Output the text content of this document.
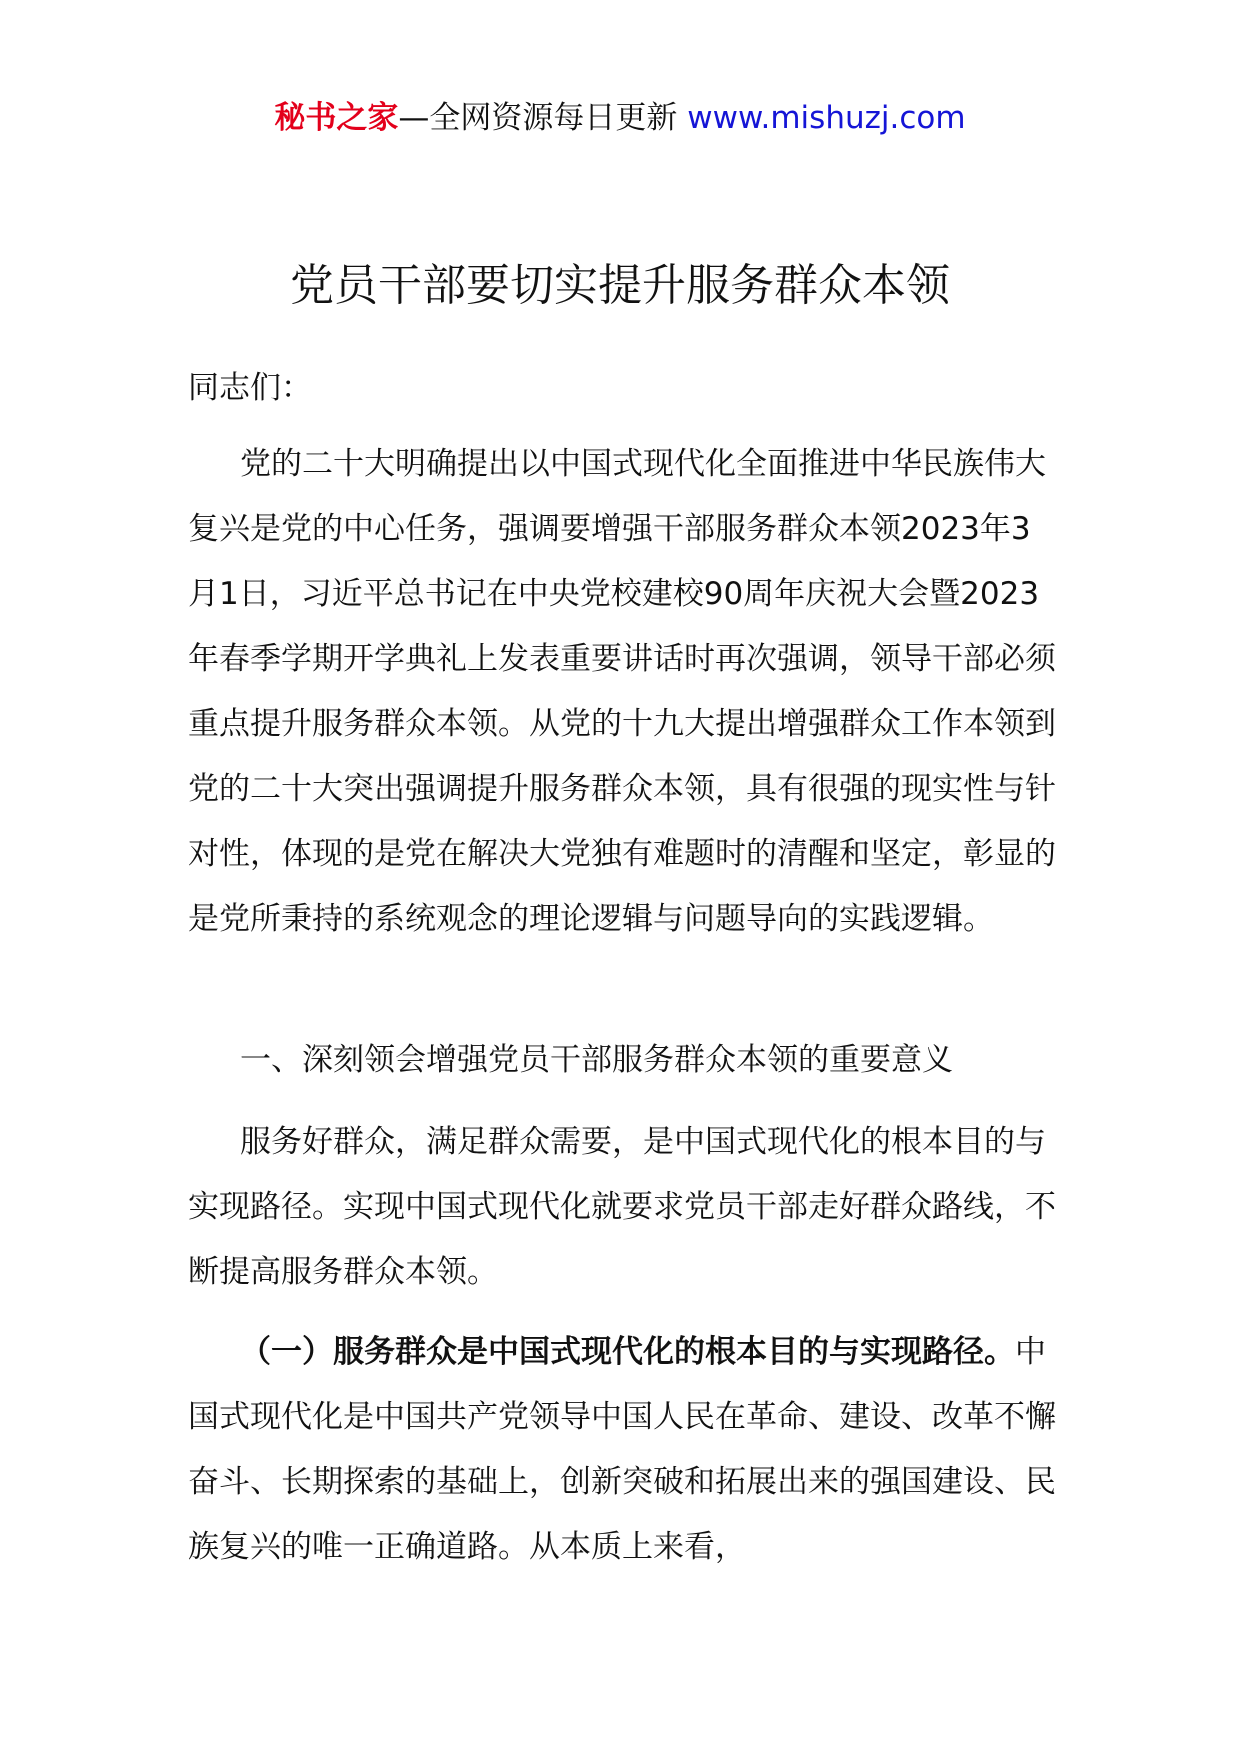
秘书之家—全网资源每日更新 www.mishuzj.com
党员干部要切实提升服务群众本领

同志们：

党的二十大明确提出以中国式现代化全面推进中华民族伟大复兴是党的中心任务，强调要增强干部服务群众本领2023年3月1日，习近平总书记在中央党校建校90周年庆祝大会暨2023年春季学期开学典礼上发表重要讲话时再次强调，领导干部必须重点提升服务群众本领。从党的十九大提出增强群众工作本领到党的二十大突出强调提升服务群众本领，具有很强的现实性与针对性，体现的是党在解决大党独有难题时的清醒和坚定，彰显的是党所秉持的系统观念的理论逻辑与问题导向的实践逻辑。

一、深刻领会增强党员干部服务群众本领的重要意义

服务好群众，满足群众需要，是中国式现代化的根本目的与实现路径。实现中国式现代化就要求党员干部走好群众路线，不断提高服务群众本领。

（一）服务群众是中国式现代化的根本目的与实现路径。中国式现代化是中国共产党领导中国人民在革命、建设、改革不懈奋斗、长期探索的基础上，创新突破和拓展出来的强国建设、民族复兴的唯一正确道路。从本质上来看，
